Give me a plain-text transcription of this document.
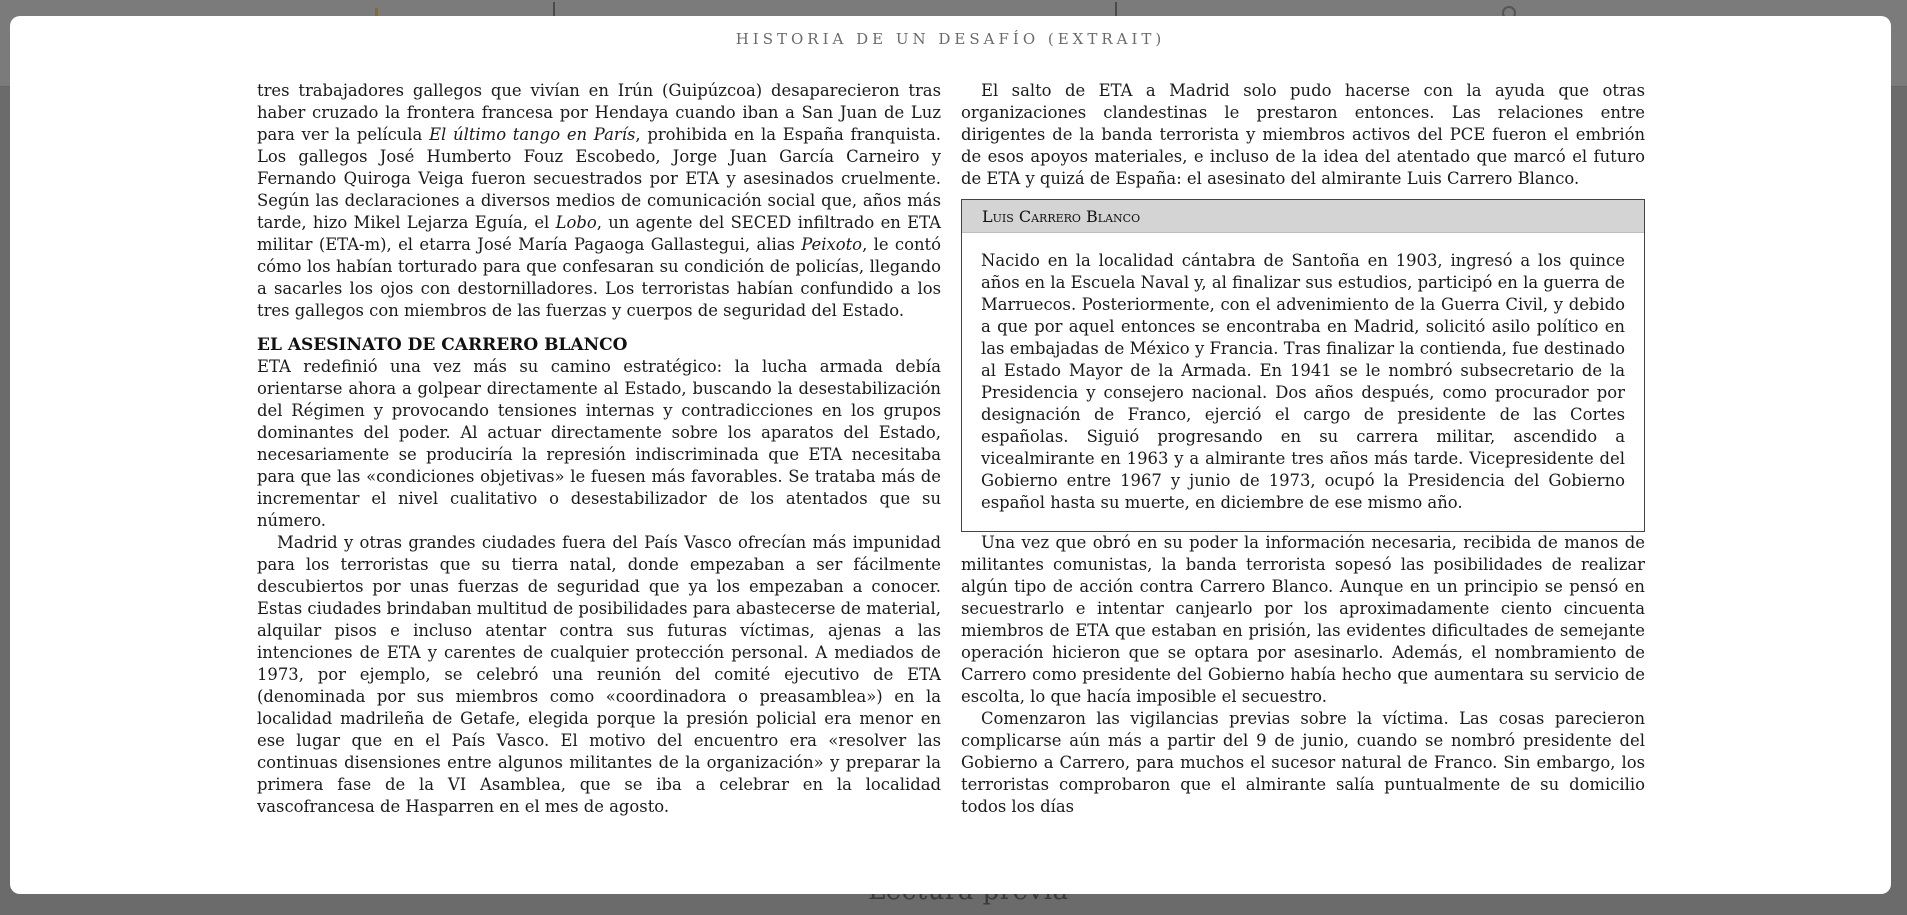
HISTORIA DE UN DESAFÍO (EXTRAIT)

tres trabajadores gallegos que vivían en Irún (Guipúzcoa) desaparecieron tras haber cruzado la frontera francesa por Hendaya cuando iban a San Juan de Luz para ver la película El último tango en París, prohibida en la España franquista. Los gallegos José Humberto Fouz Escobedo, Jorge Juan García Carneiro y Fernando Quiroga Veiga fueron secuestrados por ETA y asesinados cruelmente. Según las declaraciones a diversos medios de comunicación social que, años más tarde, hizo Mikel Lejarza Eguía, el Lobo, un agente del SECED infiltrado en ETA militar (ETA-m), el etarra José María Pagaoga Gallastegui, alias Peixoto, le contó cómo los habían torturado para que confesaran su condición de policías, llegando a sacarles los ojos con destornilladores. Los terroristas habían confundido a los tres gallegos con miembros de las fuerzas y cuerpos de seguridad del Estado.

EL ASESINATO DE CARRERO BLANCO

ETA redefinió una vez más su camino estratégico: la lucha armada debía orientarse ahora a golpear directamente al Estado, buscando la desestabilización del Régimen y provocando tensiones internas y contradicciones en los grupos dominantes del poder. Al actuar directamente sobre los aparatos del Estado, necesariamente se produciría la represión indiscriminada que ETA necesitaba para que las «condiciones objetivas» le fuesen más favorables. Se trataba más de incrementar el nivel cualitativo o desestabilizador de los atentados que su número.

Madrid y otras grandes ciudades fuera del País Vasco ofrecían más impunidad para los terroristas que su tierra natal, donde empezaban a ser fácilmente descubiertos por unas fuerzas de seguridad que ya los empezaban a conocer. Estas ciudades brindaban multitud de posibilidades para abastecerse de material, alquilar pisos e incluso atentar contra sus futuras víctimas, ajenas a las intenciones de ETA y carentes de cualquier protección personal. A mediados de 1973, por ejemplo, se celebró una reunión del comité ejecutivo de ETA (denominada por sus miembros como «coordinadora o preasamblea») en la localidad madrileña de Getafe, elegida porque la presión policial era menor en ese lugar que en el País Vasco. El motivo del encuentro era «resolver las continuas disensiones entre algunos militantes de la organización» y preparar la primera fase de la VI Asamblea, que se iba a celebrar en la localidad vascofrancesa de Hasparren en el mes de agosto.

El salto de ETA a Madrid solo pudo hacerse con la ayuda que otras organizaciones clandestinas le prestaron entonces. Las relaciones entre dirigentes de la banda terrorista y miembros activos del PCE fueron el embrión de esos apoyos materiales, e incluso de la idea del atentado que marcó el futuro de ETA y quizá de España: el asesinato del almirante Luis Carrero Blanco.

Luis Carrero Blanco

Nacido en la localidad cántabra de Santoña en 1903, ingresó a los quince años en la Escuela Naval y, al finalizar sus estudios, participó en la guerra de Marruecos. Posteriormente, con el advenimiento de la Guerra Civil, y debido a que por aquel entonces se encontraba en Madrid, solicitó asilo político en las embajadas de México y Francia. Tras finalizar la contienda, fue destinado al Estado Mayor de la Armada. En 1941 se le nombró subsecretario de la Presidencia y consejero nacional. Dos años después, como procurador por designación de Franco, ejerció el cargo de presidente de las Cortes españolas. Siguió progresando en su carrera militar, ascendido a vicealmirante en 1963 y a almirante tres años más tarde. Vicepresidente del Gobierno entre 1967 y junio de 1973, ocupó la Presidencia del Gobierno español hasta su muerte, en diciembre de ese mismo año.

Una vez que obró en su poder la información necesaria, recibida de manos de militantes comunistas, la banda terrorista sopesó las posibilidades de realizar algún tipo de acción contra Carrero Blanco. Aunque en un principio se pensó en secuestrarlo e intentar canjearlo por los aproximadamente ciento cincuenta miembros de ETA que estaban en prisión, las evidentes dificultades de semejante operación hicieron que se optara por asesinarlo. Además, el nombramiento de Carrero como presidente del Gobierno había hecho que aumentara su servicio de escolta, lo que hacía imposible el secuestro.

Comenzaron las vigilancias previas sobre la víctima. Las cosas parecieron complicarse aún más a partir del 9 de junio, cuando se nombró presidente del Gobierno a Carrero, para muchos el sucesor natural de Franco. Sin embargo, los terroristas comprobaron que el almirante salía puntualmente de su domicilio todos los días
